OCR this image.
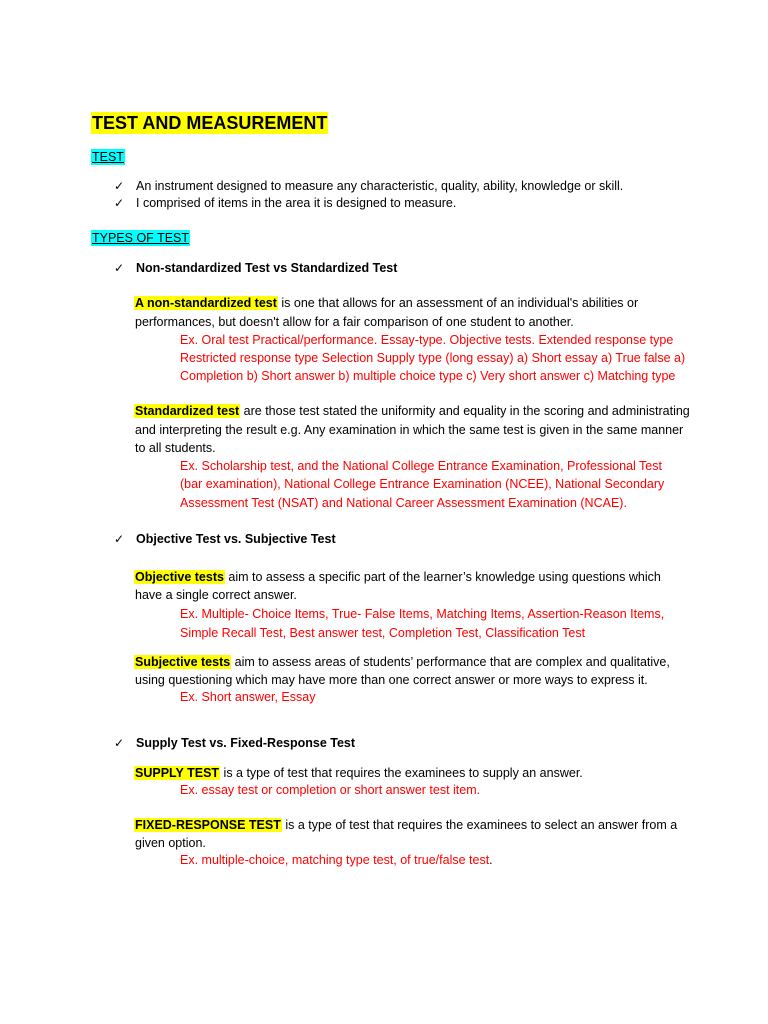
TEST AND MEASUREMENT
TEST
✓ An instrument designed to measure any characteristic, quality, ability, knowledge or skill.
✓ I comprised of items in the area it is designed to measure.
TYPES OF TEST
✓ Non-standardized Test vs Standardized Test
A non-standardized test is one that allows for an assessment of an individual's abilities or
performances, but doesn't allow for a fair comparison of one student to another.
Ex. Oral test Practical/performance. Essay-type. Objective tests. Extended response type
Restricted response type Selection Supply type (long essay) a) Short essay a) True false a)
Completion b) Short answer b) multiple choice type c) Very short answer c) Matching type
Standardized test are those test stated the uniformity and equality in the scoring and administrating
and interpreting the result e.g. Any examination in which the same test is given in the same manner
to all students.
Ex. Scholarship test, and the National College Entrance Examination, Professional Test
(bar examination), National College Entrance Examination (NCEE), National Secondary
Assessment Test (NSAT) and National Career Assessment Examination (NCAE).
✓ Objective Test vs. Subjective Test
Objective tests aim to assess a specific part of the learner’s knowledge using questions which
have a single correct answer.
Ex. Multiple- Choice Items, True- False Items, Matching Items, Assertion-Reason Items,
Simple Recall Test, Best answer test, Completion Test, Classification Test
Subjective tests aim to assess areas of students’ performance that are complex and qualitative,
using questioning which may have more than one correct answer or more ways to express it.
Ex. Short answer, Essay
✓ Supply Test vs. Fixed-Response Test
SUPPLY TEST is a type of test that requires the examinees to supply an answer.
Ex. essay test or completion or short answer test item.
FIXED-RESPONSE TEST is a type of test that requires the examinees to select an answer from a
given option.
Ex. multiple-choice, matching type test, of true/false test.
